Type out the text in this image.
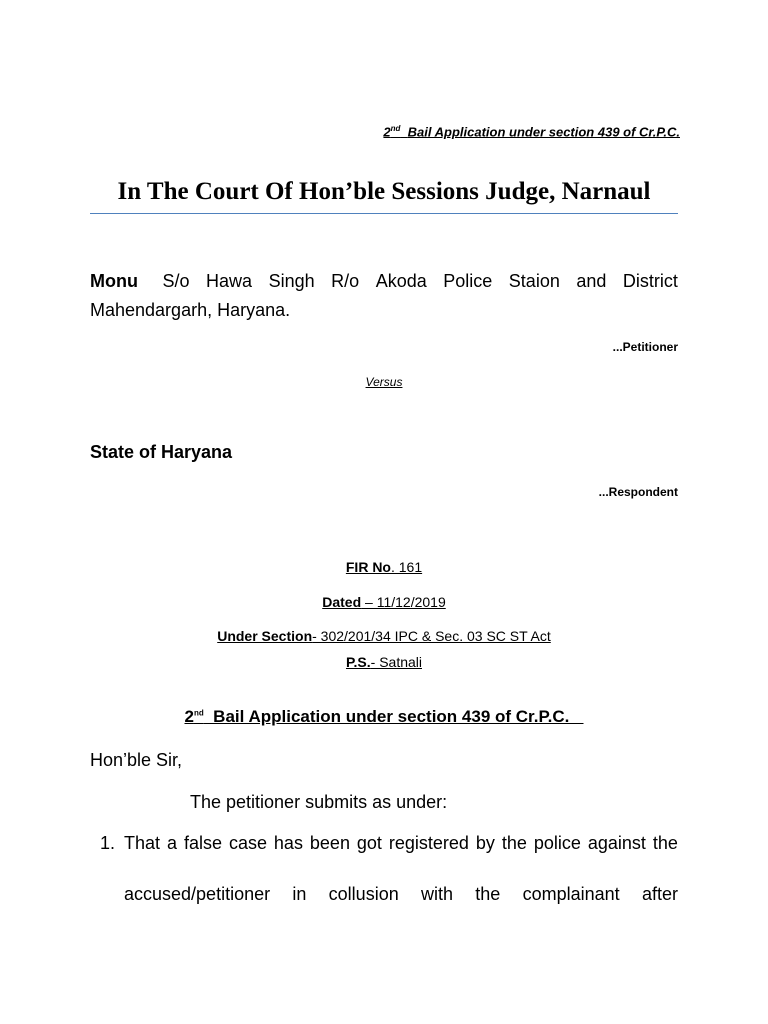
2nd Bail Application under section 439 of Cr.P.C.
In The Court Of Hon’ble Sessions Judge, Narnaul
Monu S/o Hawa Singh R/o Akoda Police Staion and District
Mahendargarh, Haryana.
...Petitioner
Versus
State of Haryana
...Respondent
FIR No. 161
Dated – 11/12/2019
Under Section- 302/201/34 IPC & Sec. 03 SC ST Act
P.S.- Satnali
2nd  Bail Application under section 439 of Cr.P.C.
Hon’ble Sir,
The petitioner submits as under:
1. That a false case has been got registered by the police against the
accused/petitioner in collusion with the complainant after
